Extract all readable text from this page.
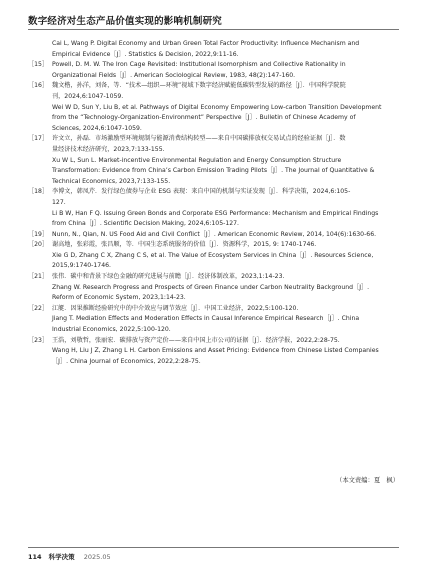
数字经济对生态产品价值实现的影响机制研究
Cai L, Wang P. Digital Economy and Urban Green Total Factor Productivity: Influence Mechanism and
Empirical Evidence［J］. Statistics & Decision, 2022,9:11-16.
［15］ Powell, D. M. W. The Iron Cage Revisited: Institutional Isomorphism and Collective Rationality in
Organizational Fields［J］. American Sociological Review, 1983, 48(2):147-160.
［16］ 魏文楷，孙洋，刘备，等．“技术—组织—环境”视域下数字经济赋能低碳转型发展的路径［J］．中国科学院院
刊，2024,6:1047-1059.
Wei W D, Sun Y, Liu B, et al. Pathways of Digital Economy Empowering Low-carbon Transition Development
from the “Technology-Organization-Environment” Perspective［J］. Bulletin of Chinese Academy of
Sciences, 2024,6:1047-1059.
［17］ 许文立，孙磊．市场激励型环境规制与能源消费结构转型——来自中国碳排放权交易试点的经验证据［J］．数
量经济技术经济研究，2023,7:133-155.
Xu W L, Sun L. Market-incentive Environmental Regulation and Energy Consumption Structure
Transformation: Evidence from China’s Carbon Emission Trading Pilots［J］. The Journal of Quantitative &
Technical Economics, 2023,7:133-155.
［18］ 李博文，韩凤芹．发行绿色债券与企业 ESG 表现：来自中国的机制与实证发现［J］．科学决策，2024,6:105-
127.
Li B W, Han F Q. Issuing Green Bonds and Corporate ESG Performance: Mechanism and Empirical Findings
from China［J］. Scientific Decision Making, 2024,6:105-127.
［19］ Nunn, N., Qian, N. US Food Aid and Civil Conflict［J］. American Economic Review, 2014, 104(6):1630-66.
［20］ 谢高地，张彩霞，张昌顺，等．中国生态系统服务的价值［J］．资源科学，2015, 9: 1740-1746.
Xie G D, Zhang C X, Zhang C S, et al. The Value of Ecosystem Services in China［J］. Resources Science,
2015,9:1740-1746.
［21］ 张伟．碳中和背景下绿色金融的研究进展与前瞻［J］．经济体制改革，2023,1:14-23.
Zhang W. Research Progress and Prospects of Green Finance under Carbon Neutrality Background［J］.
Reform of Economic System, 2023,1:14-23.
［22］ 江艇．因果推断经验研究中的中介效应与调节效应［J］．中国工业经济，2022,5:100-120.
Jiang T. Mediation Effects and Moderation Effects in Causal Inference Empirical Research［J］. China
Industrial Economics, 2022,5:100-120.
［23］ 王浩，刘敬哲，张丽宏．碳排放与资产定价——来自中国上市公司的证据［J］．经济学报，2022,2:28-75.
Wang H, Liu J Z, Zhang L H. Carbon Emissions and Asset Pricing: Evidence from Chinese Listed Companies
［J］. China Journal of Economics, 2022,2:28-75.
（本文责编：夏　枫）
114 科学决策 2025.05
